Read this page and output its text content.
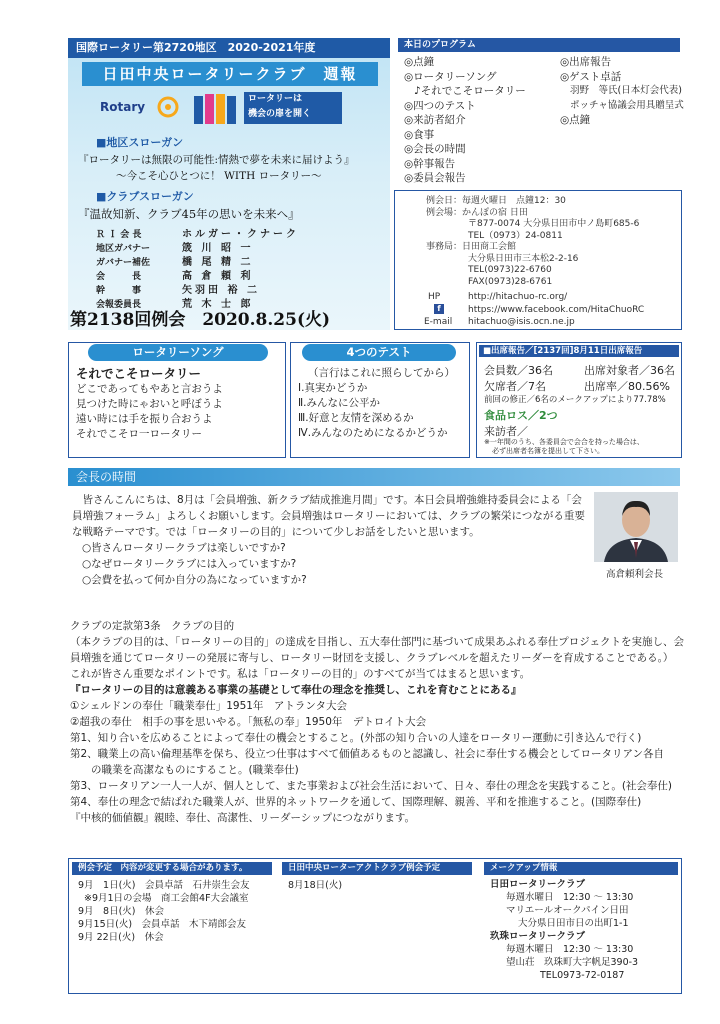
国際ロータリー第2720地区　2020-2021年度
日田中央ロータリークラブ　週報
Rotary
ロータリーは
機会の扉を開く
■地区スローガン
『ロータリーは無限の可能性:情熱で夢を未来に届けよう』
～今こそ心ひとつに！ WITH ロータリー～
■クラブスローガン
『温故知新、クラブ45年の思いを未来へ』
Ｒ Ｉ 会 長	ホルガー・クナーク
地区ガバナー	筬 川 昭 一
ガバナー補佐	橋 尾 精 二
会　　　長	高 倉 頼 利
幹　　　事	矢羽田 裕 二
会報委員長	荒 木 士 郎
第2138回例会　2020.8.25(火)
本日のプログラム
◎点鐘
◎ロータリーソング
♪それでこそロータリー
◎四つのテスト
◎来訪者紹介
◎食事
◎会長の時間
◎幹事報告
◎委員会報告
◎出席報告
◎ゲスト卓話
羽野　等氏(日本灯会代表)
ポッチャ協議会用具贈呈式
◎点鐘
例会日：毎週火曜日　点鐘12：30
例会場：かんぽの宿 日田
〒877-0074 大分県日田市中ノ島町685-6
TEL（0973）24-0811
事務局：日田商工会館
大分県日田市三本松2-2-16
TEL(0973)22-6760
FAX(0973)28-6761
HP	http://hitachuo-rc.org/
f	https://www.facebook.com/HitaChuoRC
E-mail hitachuo@isis.ocn.ne.jp
ロータリーソング
それでこそロータリー
どこであってもやあと言おうよ
見つけた時にゃおいと呼ぼうよ
遠い時には手を振り合おうよ
それでこそロ一ロータリー
4つのテスト
（言行はこれに照らしてから）
Ⅰ.真実かどうか
Ⅱ.みんなに公平か
Ⅲ.好意と友情を深めるか
Ⅳ.みんなのためになるかどうか
■出席報告／[2137回]8月11日出席報告
会員数／36名	出席対象者／36名
欠席者／7名	出席率／80.56%
前回の修正／6名のメークアップにより77.78%
食品ロス／2つ
来訪者／
※一年間のうち、各委員会で会合を持った場合は、
必ず出席者名簿を提出して下さい。
会長の時間

　皆さんこんにちは、8月は「会員増強、新クラブ結成推進月間」です。本日会員増強維持委員会による「会員増強フォーラム」よろしくお願いします。会員増強はロータリーにおいては、クラブの繁栄につながる重要な戦略テーマです。では「ロータリーの目的」について少しお話をしたいと思います。

○皆さんロータリークラブは楽しいですか?
○なぜロータリークラブには入っていますか?
○会費を払って何か自分の為になっていますか?	高倉頼利会長
クラブの定款第3条　クラブの目的
（本クラブの目的は、「ロータリーの目的」の達成を目指し、五大奉仕部門に基づいて成果あふれる奉仕プロジェクトを実施し、会
員増強を通じてロータリーの発展に寄与し、ロータリー財団を支援し、クラブレベルを超えたリーダーを育成することである。）
これが皆さん重要なポイントです。私は「ロータリーの目的」のすべてが当てはまると思います。
『ロータリーの目的は意義ある事業の基礎として奉仕の理念を推奨し、これを育むことにある』
①シェルドンの奉仕「職業奉仕」1951年　アトランタ大会
②超我の奉仕　相手の事を思いやる。「無私の奉」1950年　デトロイト大会
第1、知り合いを広めることによって奉仕の機会とすること。(外部の知り合いの人達をロータリー運動に引き込んで行く)
第2、職業上の高い倫理基準を保ち、役立つ仕事はすべて価値あるものと認識し、社会に奉仕する機会としてロータリアン各自
　　の職業を高潔なものにすること。(職業奉仕)
第3、ロータリアン一人一人が、個人として、また事業および社会生活において、日々、奉仕の理念を実践すること。(社会奉仕)
第4、奉仕の理念で結ばれた職業人が、世界的ネットワークを通して、国際理解、親善、平和を推進すること。(国際奉仕)
『中核的価値観』親睦、奉仕、高潔性、リーダーシップにつながります。
例会予定　内容が変更する場合があります。
9月　1日(火)　会員卓話　石井崇生会友
※9月1日の会場　商工会館4F大会議室
9月　8日(火)　休会
9月15日(火)　会員卓話　木下靖郎会友
9月 22日(火)　休会
日田中央ローターアクトクラブ例会予定
8月18日(火)
メークアップ情報
日田ロータリークラブ
毎週水曜日　12:30 ～ 13:30
マリエールオークパイン日田
大分県日田市日の出町1-1
玖珠ロータリークラブ
毎週木曜日　12:30 ～ 13:30
望山荘　玖珠町大字帆足390-3
TEL0973-72-0187
